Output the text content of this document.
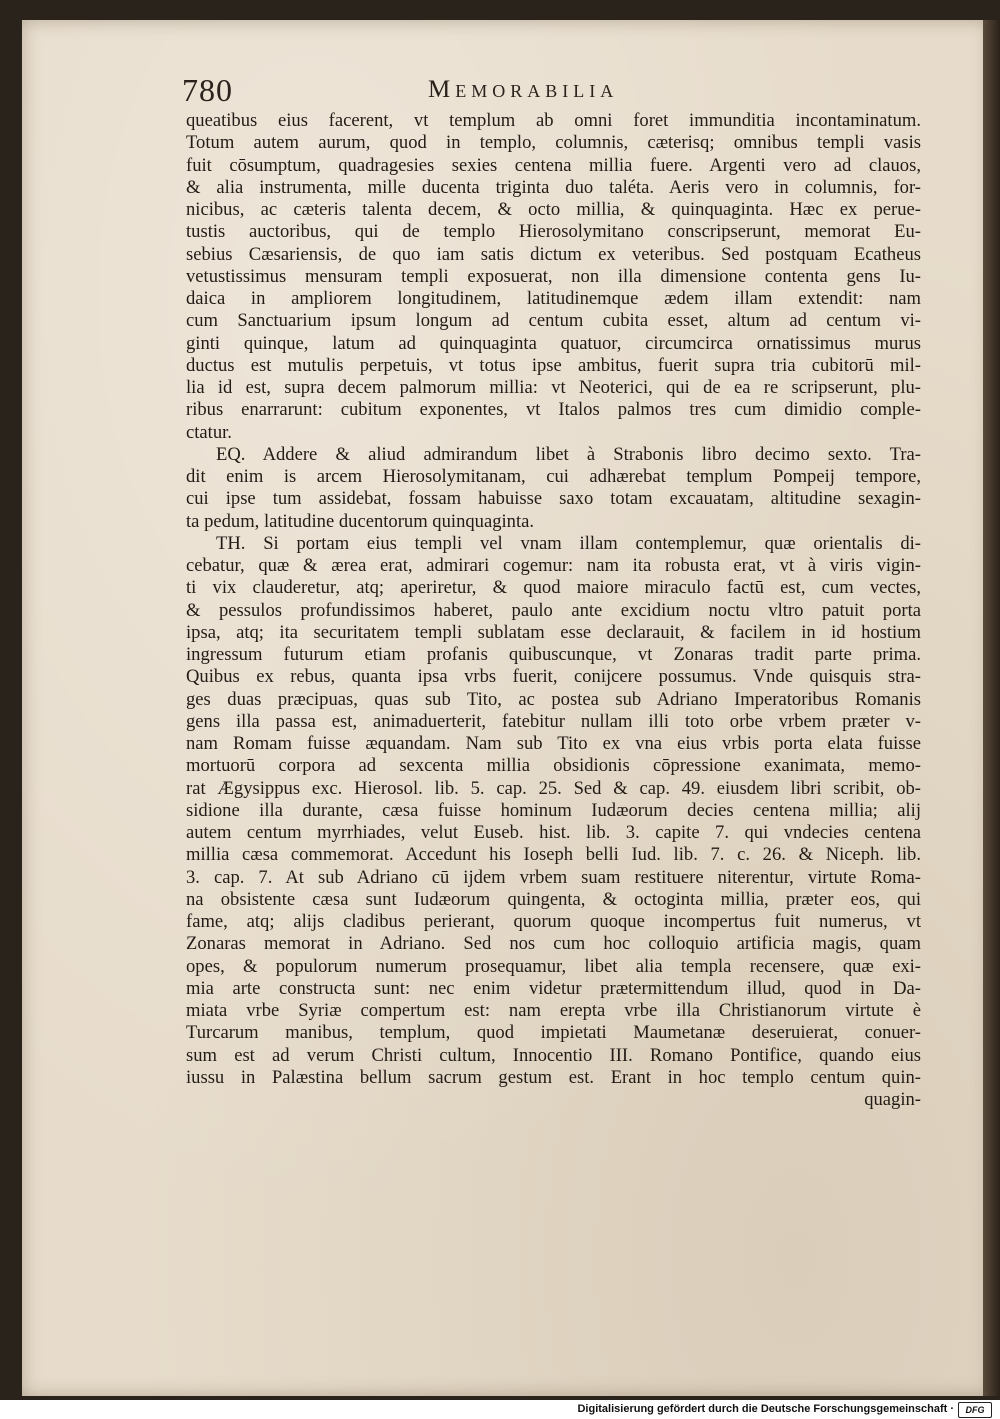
780	Memorabilia
queatibus eius facerent, vt templum ab omni foret immunditia incontaminatum.
Totum autem aurum, quod in templo, columnis, cæterisq; omnibus templi vasis
fuit cōsumptum, quadragesies sexies centena millia fuere. Argenti vero ad clauos,
& alia instrumenta, mille ducenta triginta duo taléta. Aeris vero in columnis, for-
nicibus, ac cæteris talenta decem, & octo millia, & quinquaginta. Hæc ex peruе-
tustis auctoribus, qui de templo Hierosolymitano conscripserunt, memorat Eu-
sebius Cæsariensis, de quo iam satis dictum ex veteribus. Sed postquam Ecatheus
vetustissimus mensuram templi exposuerat, non illa dimensione contenta gens Iu-
daica in ampliorem longitudinem, latitudinemque ædem illam extendit: nam
cum Sanctuarium ipsum longum ad centum cubita esset, altum ad centum vi-
ginti quinque, latum ad quinquaginta quatuor, circumcirca ornatissimus murus
ductus est mutulis perpetuis, vt totus ipse ambitus, fuerit supra tria cubitorū mil-
lia id est, supra decem palmorum millia: vt Neoterici, qui de ea re scripserunt, plu-
ribus enarrarunt: cubitum exponentes, vt Italos palmos tres cum dimidio comple-
ctatur.
EQ. Addere & aliud admirandum libet à Strabonis libro decimo sexto. Tra-
dit enim is arcem Hierosolymitanam, cui adhærebat templum Pompeij tempore,
cui ipse tum assidebat, fossam habuisse saxo totam excauatam, altitudine sexagin-
ta pedum, latitudine ducentorum quinquaginta.
TH. Si portam eius templi vel vnam illam contemplemur, quæ orientalis di-
cebatur, quæ & ærea erat, admirari cogemur: nam ita robusta erat, vt à viris vigin-
ti vix clauderetur, atq; aperiretur, & quod maiore miraculo factū est, cum vectes,
& pessulos profundissimos haberet, paulo ante excidium noctu vltro patuit porta
ipsa, atq; ita securitatem templi sublatam esse declarauit, & facilem in id hostium
ingressum futurum etiam profanis quibuscunque, vt Zonaras tradit parte prima.
Quibus ex rebus, quanta ipsa vrbs fuerit, conijcere possumus. Vnde quisquis stra-
ges duas præcipuas, quas sub Tito, ac postea sub Adriano Imperatoribus Romanis
gens illa passa est, animaduerterit, fatebitur nullam illi toto orbe vrbem præter v-
nam Romam fuisse æquandam. Nam sub Tito ex vna eius vrbis porta elata fuisse
mortuorū corpora ad sexcenta millia obsidionis cōpressione exanimata, memo-
rat Ægysippus exc. Hierosol. lib. 5. cap. 25. Sed & cap. 49. eiusdem libri scribit, ob-
sidione illa durante, cæsa fuisse hominum Iudæorum decies centena millia; alij
autem centum myrrhiades, velut Euseb. hist. lib. 3. capite 7. qui vndecies centena
millia cæsa commemorat. Accedunt his Ioseph belli Iud. lib. 7. c. 26. & Niceph. lib.
3. cap. 7. At sub Adriano cū ijdem vrbem suam restituere niterentur, virtute Roma-
na obsistente cæsa sunt Iudæorum quingenta, & octoginta millia, præter eos, qui
fame, atq; alijs cladibus perierant, quorum quoque incompertus fuit numerus, vt
Zonaras memorat in Adriano. Sed nos cum hoc colloquio artificia magis, quam
opes, & populorum numerum prosequamur, libet alia templa recensere, quæ exi-
mia arte constructa sunt: nec enim videtur prætermittendum illud, quod in Da-
miata vrbe Syriæ compertum est: nam erepta vrbe illa Christianorum virtute è
Turcarum manibus, templum, quod impietati Maumetanæ deseruierat, conuer-
sum est ad verum Christi cultum, Innocentio III. Romano Pontifice, quando eius
iussu in Palæstina bellum sacrum gestum est. Erant in hoc templo centum quin-
quagin-
Digitalisierung gefördert durch die Deutsche Forschungsgemeinschaft ·	DFG
